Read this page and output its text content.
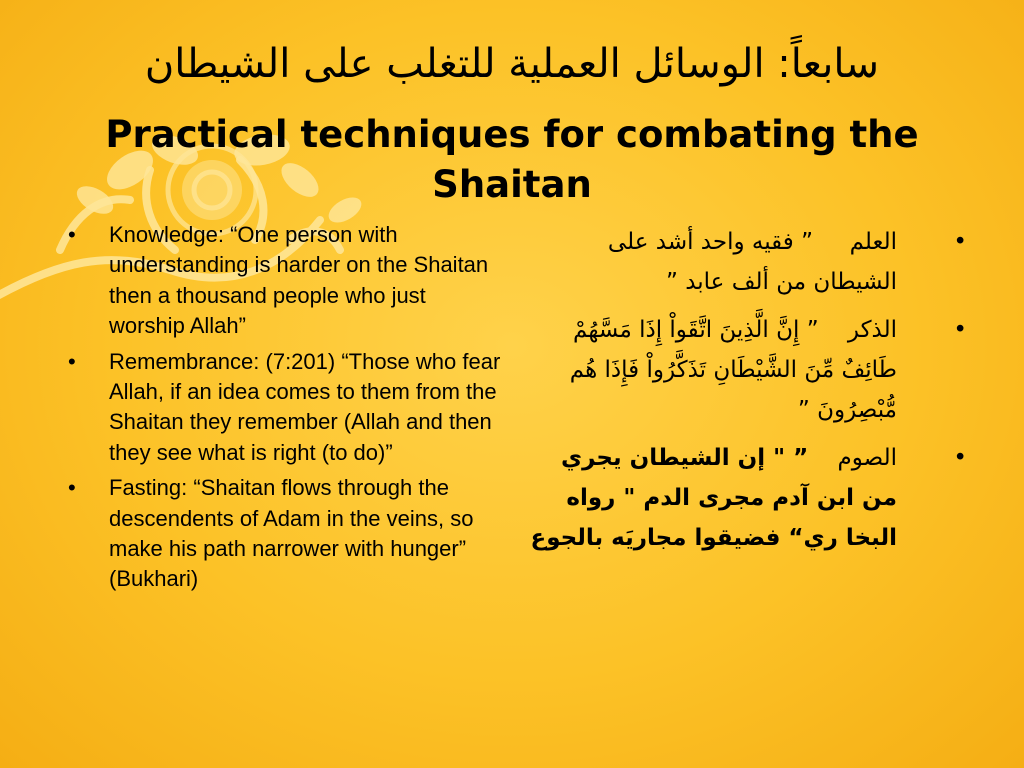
سابعاً: الوسائل العملية للتغلب على الشيطان
Practical techniques for combating the Shaitan
•	Knowledge: “One person with understanding is harder on the Shaitan then a thousand people who just worship Allah”
•	Remembrance: (7:201) “Those who fear Allah, if an idea comes to them from the Shaitan they remember (Allah and then they see what is right (to do)”
•	Fasting: “Shaitan flows through the descendents of Adam in the veins, so make his path narrower with hunger” (Bukhari)
•
العلم     ” فقيه واحد أشد على الشيطان من ألف عابد ”
•
الذكر    ” إِنَّ الَّذِينَ اتَّقَواْ إِذَا مَسَّهُمْ طَائِفٌ مِّنَ الشَّيْطَانِ تَذَكَّرُواْ فَإِذَا هُم مُّبْصِرُونَ ”
•
الصوم    ” " إن الشيطان يجري من ابن آدم مجرى الدم " رواه البخا ري“ فضيقوا مجاريَه بالجوع
